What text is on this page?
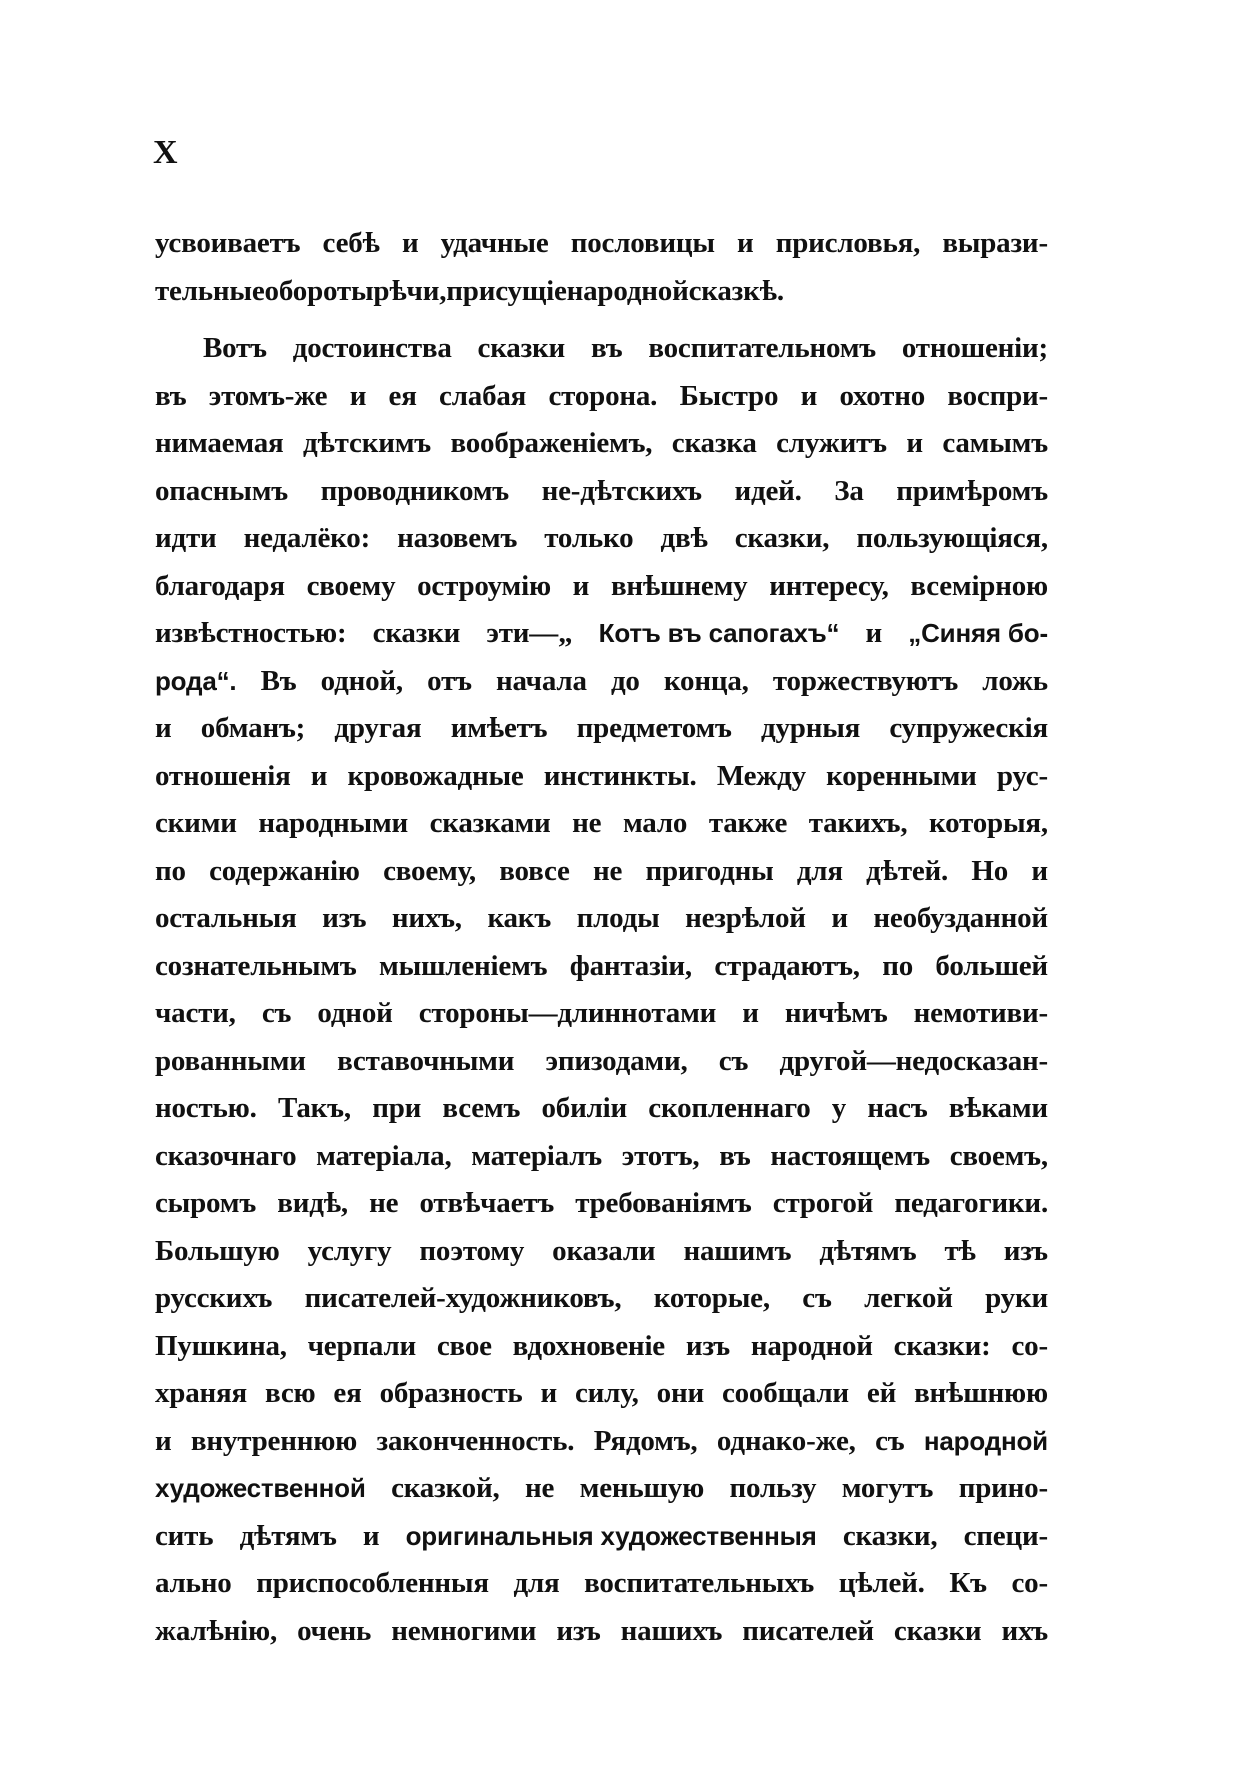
X
усвоиваетъ себѣ и удачные пословицы и присловья, вырази-
тельные обороты рѣчи, присущіе народной сказкѣ.
Вотъ достоинства сказки въ воспитательномъ отношеніи;
въ этомъ-же и ея слабая сторона. Быстро и охотно воспри-
нимаемая дѣтскимъ воображеніемъ, сказка служитъ и самымъ
опаснымъ проводникомъ не-дѣтскихъ идей. За примѣромъ
идти недалёко: назовемъ только двѣ сказки, пользующіяся,
благодаря своему остроумію и внѣшнему интересу, всемірною
извѣстностью: сказки эти—„ Котъ въ сапогахъ“ и „Синяя бо-
рода“. Въ одной, отъ начала до конца, торжествуютъ ложь
и обманъ; другая имѣетъ предметомъ дурныя супружескія
отношенія и кровожадные инстинкты. Между коренными рус-
скими народными сказками не мало также такихъ, которыя,
по содержанію своему, вовсе не пригодны для дѣтей. Но и
остальныя изъ нихъ, какъ плоды незрѣлой и необузданной
сознательнымъ мышленіемъ фантазіи, страдаютъ, по большей
части, съ одной стороны—длиннотами и ничѣмъ немотиви-
рованными вставочными эпизодами, съ другой—недосказан-
ностью. Такъ, при всемъ обиліи скопленнаго у насъ вѣками
сказочнаго матеріала, матеріалъ этотъ, въ настоящемъ своемъ,
сыромъ видѣ, не отвѣчаетъ требованіямъ строгой педагогики.
Большую услугу поэтому оказали нашимъ дѣтямъ тѣ изъ
русскихъ писателей-художниковъ, которые, съ легкой руки
Пушкина, черпали свое вдохновеніе изъ народной сказки: со-
храняя всю ея образность и силу, они сообщали ей внѣшнюю
и внутреннюю законченность. Рядомъ, однако-же, съ народной
художественной сказкой, не меньшую пользу могутъ прино-
сить дѣтямъ и оригинальныя художественныя сказки, специ-
ально приспособленныя для воспитательныхъ цѣлей. Къ со-
жалѣнію, очень немногими изъ нашихъ писателей сказки ихъ
